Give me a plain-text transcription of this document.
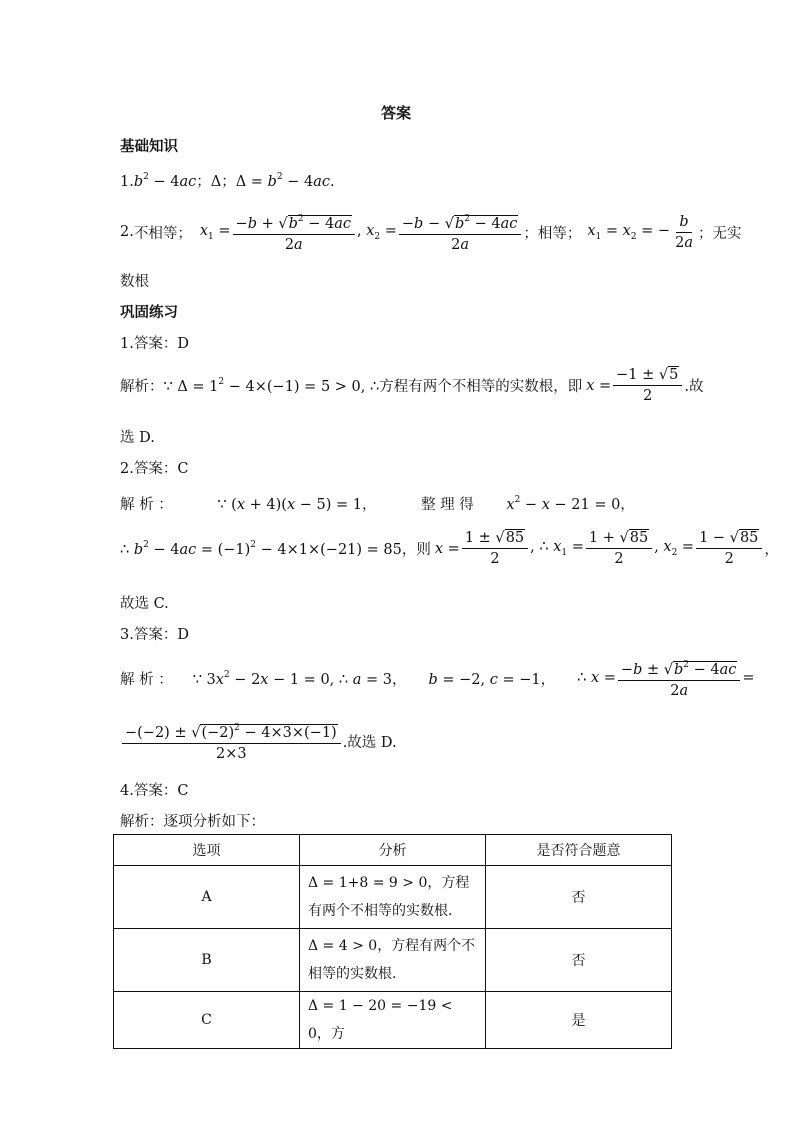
答案
基础知识
$1.b^2 - 4ac$；Δ；$\Delta = b^2 - 4ac$.
2. 不相等； $x_1 = \frac{-b + √b^2 - 4ac}{2a}$ , $x_2 = \frac{-b - √b^2 - 4ac}{2a}$ ；相等； $x_1 = x_2$ = − $\frac{b}{2a}$ ；无实
数根
巩固练习
1.答案：D
解析： ∵ $\Delta = 1^2 - 4\times(-1) = 5 > 0$, ∴ 方程有两个不相等的实数根，即 $x = \frac{-1 \pm √5}{2}$ .故
选 D.
2.答案：C
解 析 ：	∵ (x + 4)(x − 5) = 1，	整 理 得 $x^2 - x - 21 = 0$，
∴ $b^2 - 4ac = (-1)^2 - 4\times 1\times(-21) = 85$ ，则 $x = \frac{1 \pm √85}{2}$ , ∴ $x_1 = \frac{1 + √85}{2}$ , $x_2 = \frac{1 - √85}{2}$ ，
故选 C.
3.答案：D
解 析 ： ∵ $3x^2 - 2x - 1 = 0$, ∴ a = 3， b = −2, c = −1， ∴ $x = \frac{-b \pm √b^2 - 4ac}{2a}$ =
$\frac{-(-2) \pm √(-2)^2 - 4\times 3\times(-1)}{2\times 3}$ .故选 D.
4.答案：C
解析：逐项分析如下：
选项	分析	是否符合题意
A	Δ = 1+8 = 9 > 0，方程有两个不相等的实数根.	否
B	Δ = 4 > 0，方程有两个不相等的实数根.	否
C	Δ = 1 − 20 = −19 < 0，方	是
